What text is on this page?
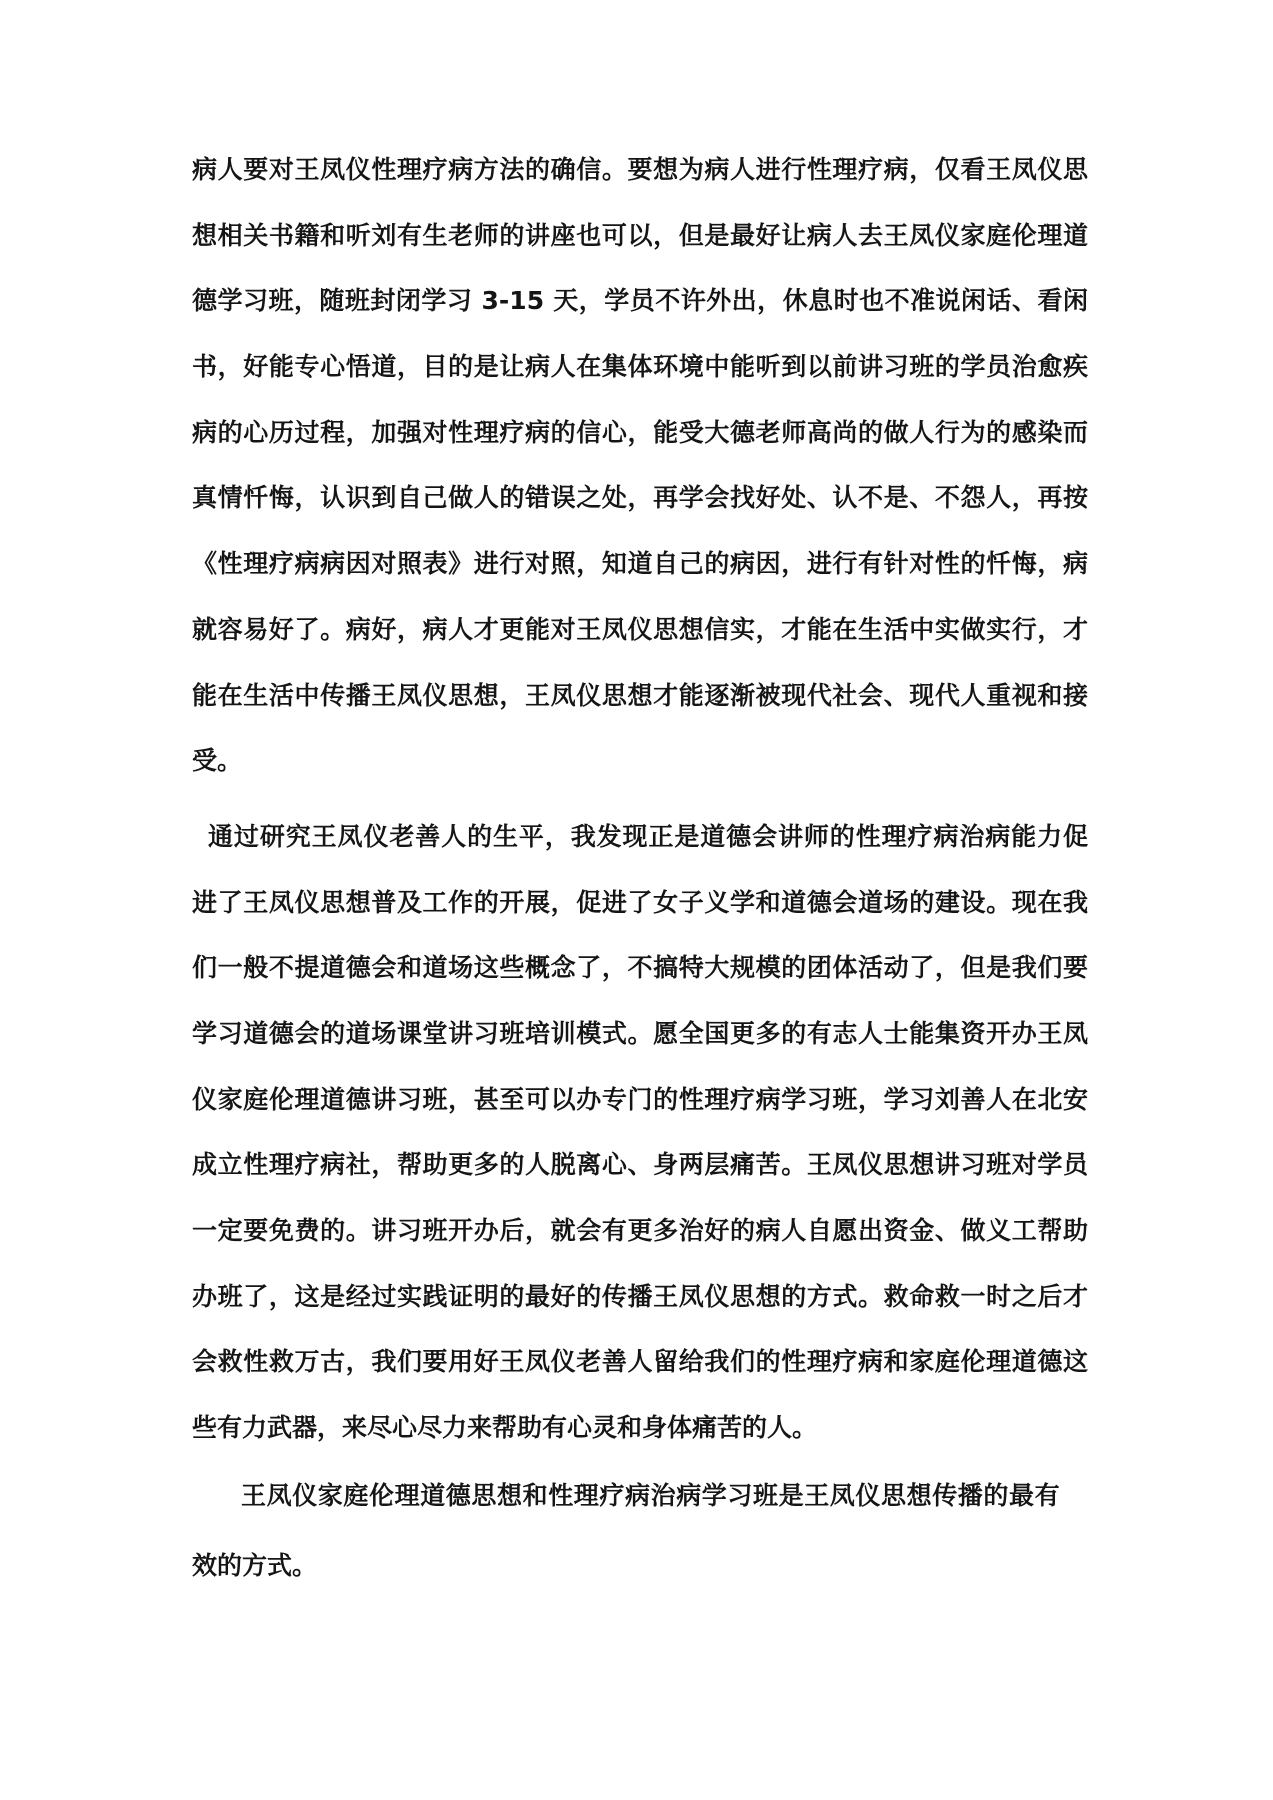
病人要对王凤仪性理疗病方法的确信。要想为病人进行性理疗病，仅看王凤仪思
想相关书籍和听刘有生老师的讲座也可以，但是最好让病人去王凤仪家庭伦理道
德学习班，随班封闭学习 3-15 天，学员不许外出，休息时也不准说闲话、看闲
书，好能专心悟道，目的是让病人在集体环境中能听到以前讲习班的学员治愈疾
病的心历过程，加强对性理疗病的信心，能受大德老师高尚的做人行为的感染而
真情忏悔，认识到自己做人的错误之处，再学会找好处、认不是、不怨人，再按
《性理疗病病因对照表》进行对照，知道自己的病因，进行有针对性的忏悔，病
就容易好了。病好，病人才更能对王凤仪思想信实，才能在生活中实做实行，才
能在生活中传播王凤仪思想，王凤仪思想才能逐渐被现代社会、现代人重视和接
受。
通过研究王凤仪老善人的生平，我发现正是道德会讲师的性理疗病治病能力促
进了王凤仪思想普及工作的开展，促进了女子义学和道德会道场的建设。现在我
们一般不提道德会和道场这些概念了，不搞特大规模的团体活动了，但是我们要
学习道德会的道场课堂讲习班培训模式。愿全国更多的有志人士能集资开办王凤
仪家庭伦理道德讲习班，甚至可以办专门的性理疗病学习班，学习刘善人在北安
成立性理疗病社，帮助更多的人脱离心、身两层痛苦。王凤仪思想讲习班对学员
一定要免费的。讲习班开办后，就会有更多治好的病人自愿出资金、做义工帮助
办班了，这是经过实践证明的最好的传播王凤仪思想的方式。救命救一时之后才
会救性救万古，我们要用好王凤仪老善人留给我们的性理疗病和家庭伦理道德这
些有力武器，来尽心尽力来帮助有心灵和身体痛苦的人。
王凤仪家庭伦理道德思想和性理疗病治病学习班是王凤仪思想传播的最有
效的方式。
